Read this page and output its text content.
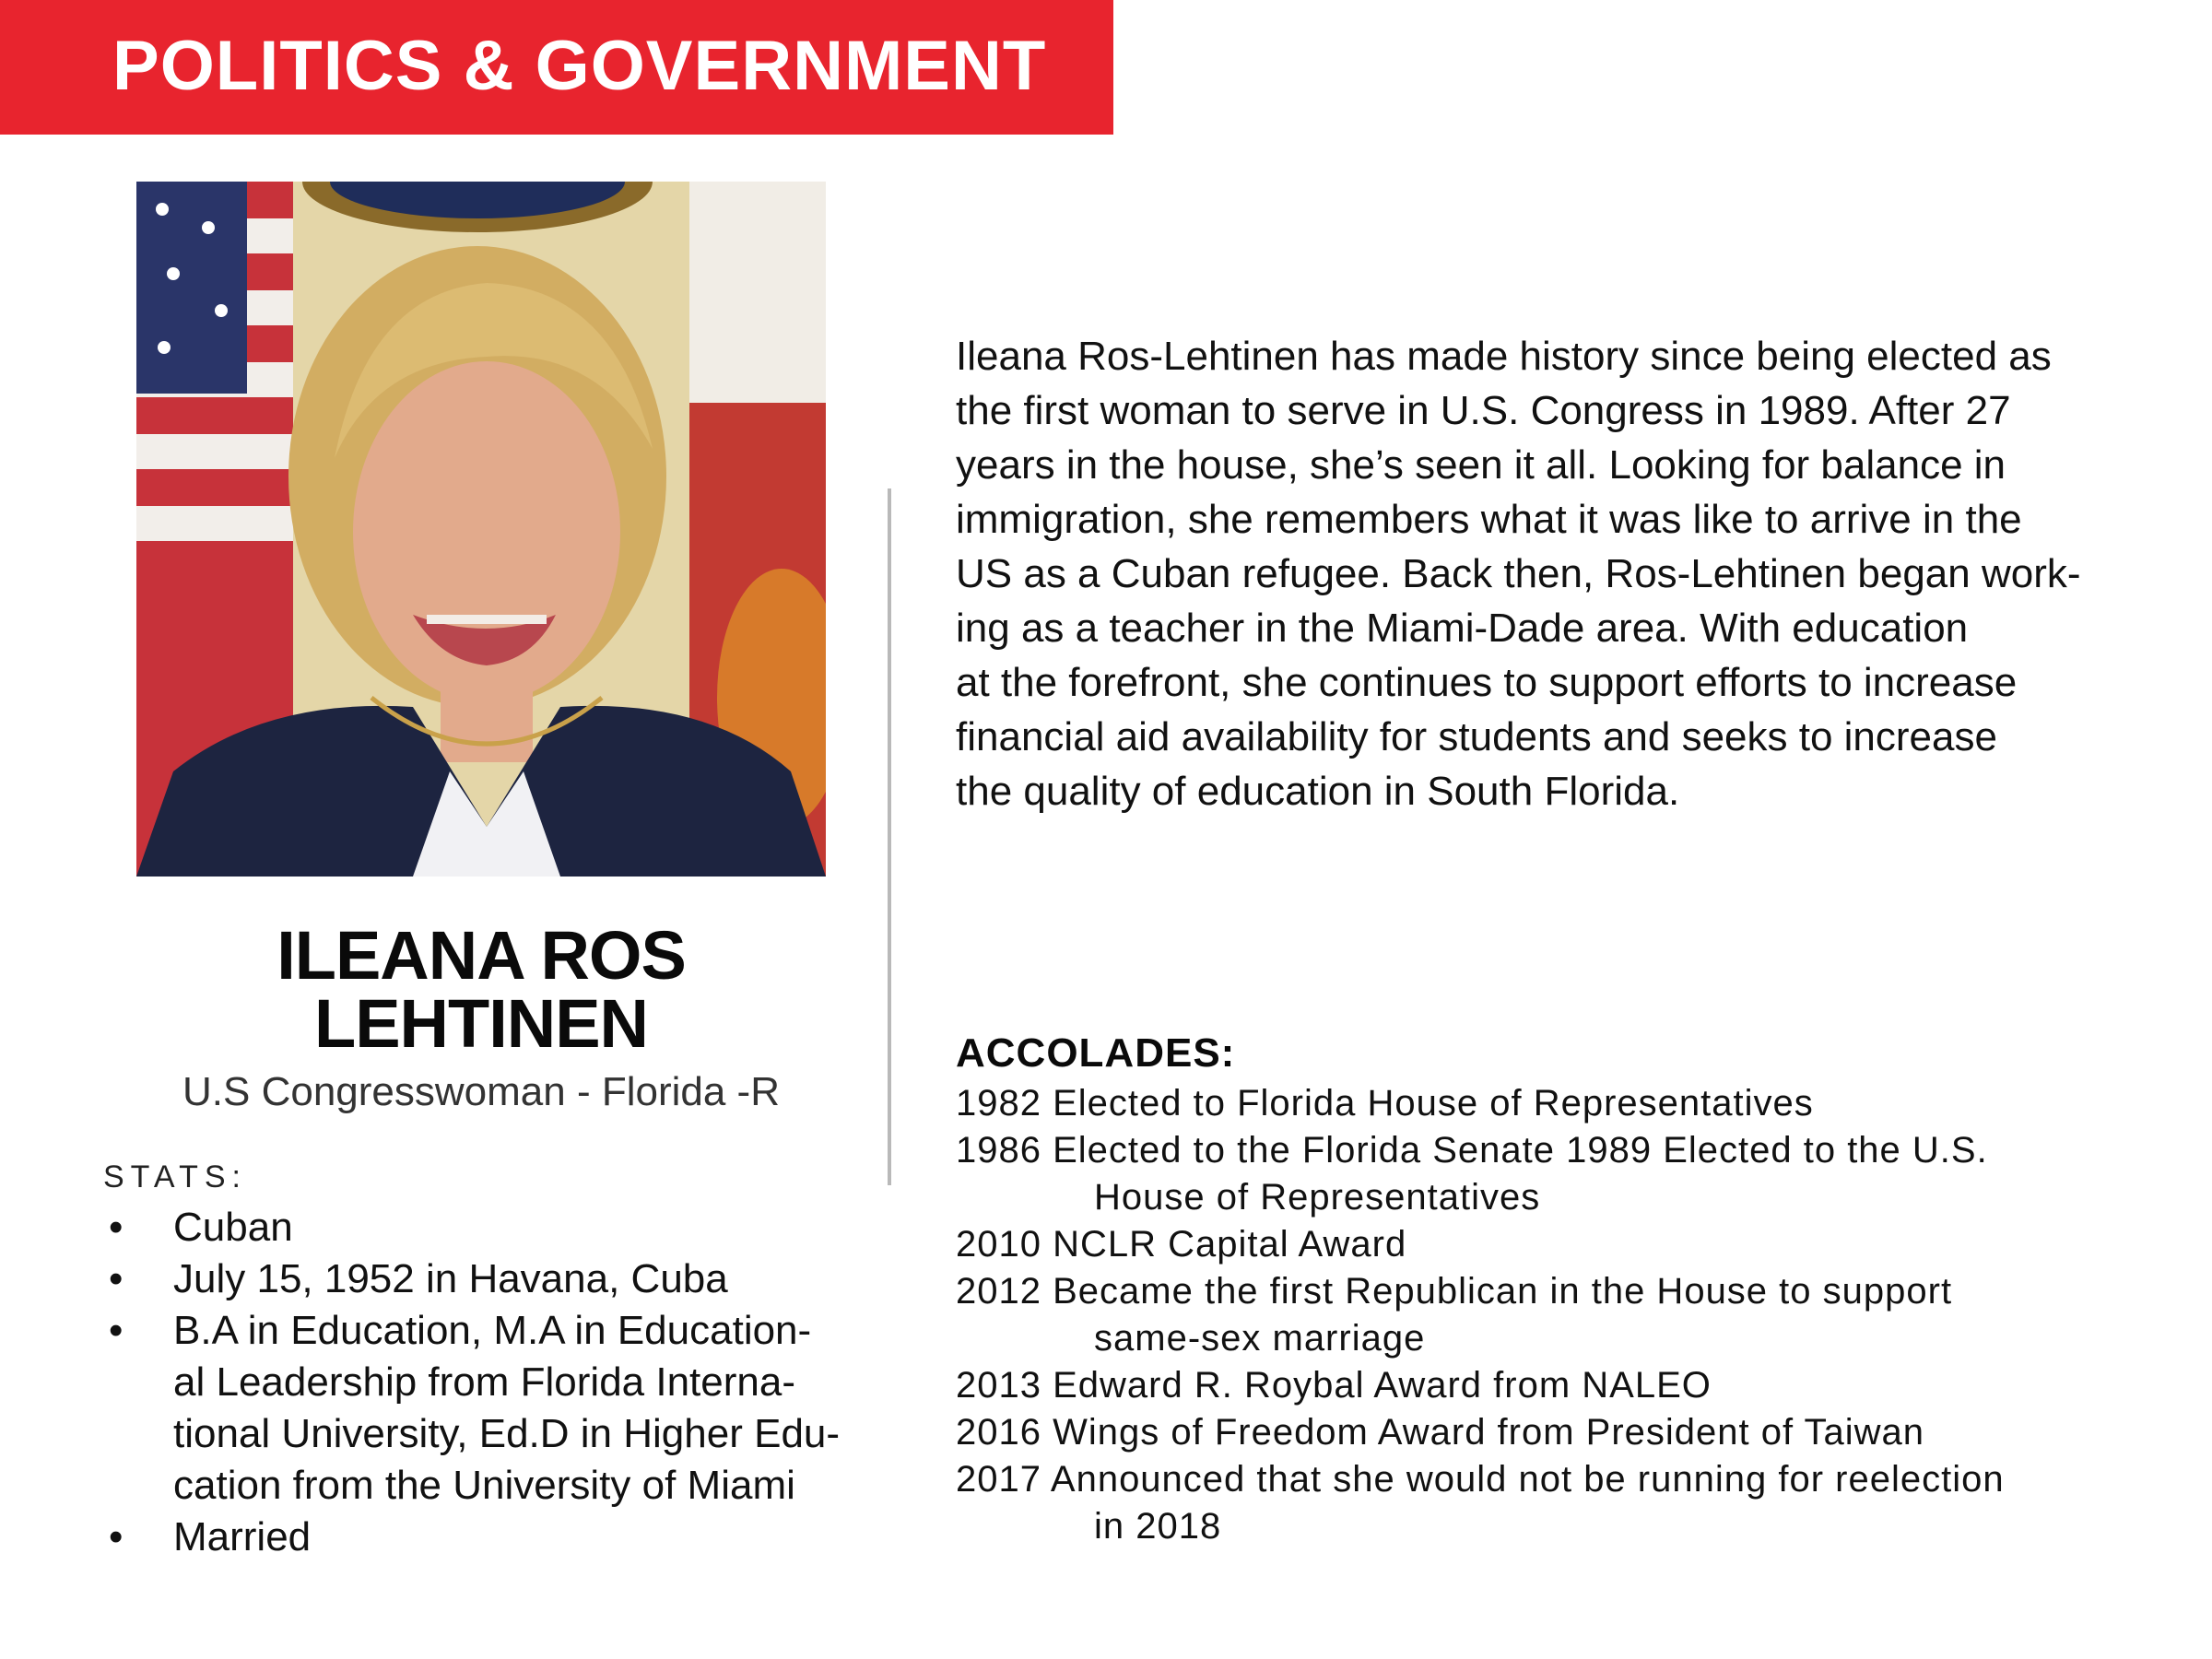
POLITICS & GOVERNMENT
ILEANA ROS
LEHTINEN
U.S Congresswoman - Florida -R
STATS:
•	Cuban
•	July 15, 1952 in Havana, Cuba
•	B.A in Education, M.A in Education-
al Leadership from Florida Interna-
tional University, Ed.D in Higher Edu-
cation from the University of Miami
•	Married

Ileana Ros-Lehtinen has made history since being elected as
the first woman to serve in U.S. Congress in 1989. After 27
years in the house, she’s seen it all. Looking for balance in
immigration, she remembers what it was like to arrive in the
US as a Cuban refugee. Back then, Ros-Lehtinen began work-
ing as a teacher in the Miami-Dade area. With education
at the forefront, she continues to support efforts to increase
financial aid availability for students and seeks to increase
the quality of education in South Florida.

ACCOLADES:
1982 Elected to Florida House of Representatives
1986 Elected to the Florida Senate 1989 Elected to the U.S.
House of Representatives
2010 NCLR Capital Award
2012 Became the first Republican in the House to support
same-sex marriage
2013 Edward R. Roybal Award from NALEO
2016 Wings of Freedom Award from President of Taiwan
2017 Announced that she would not be running for reelection
in 2018
